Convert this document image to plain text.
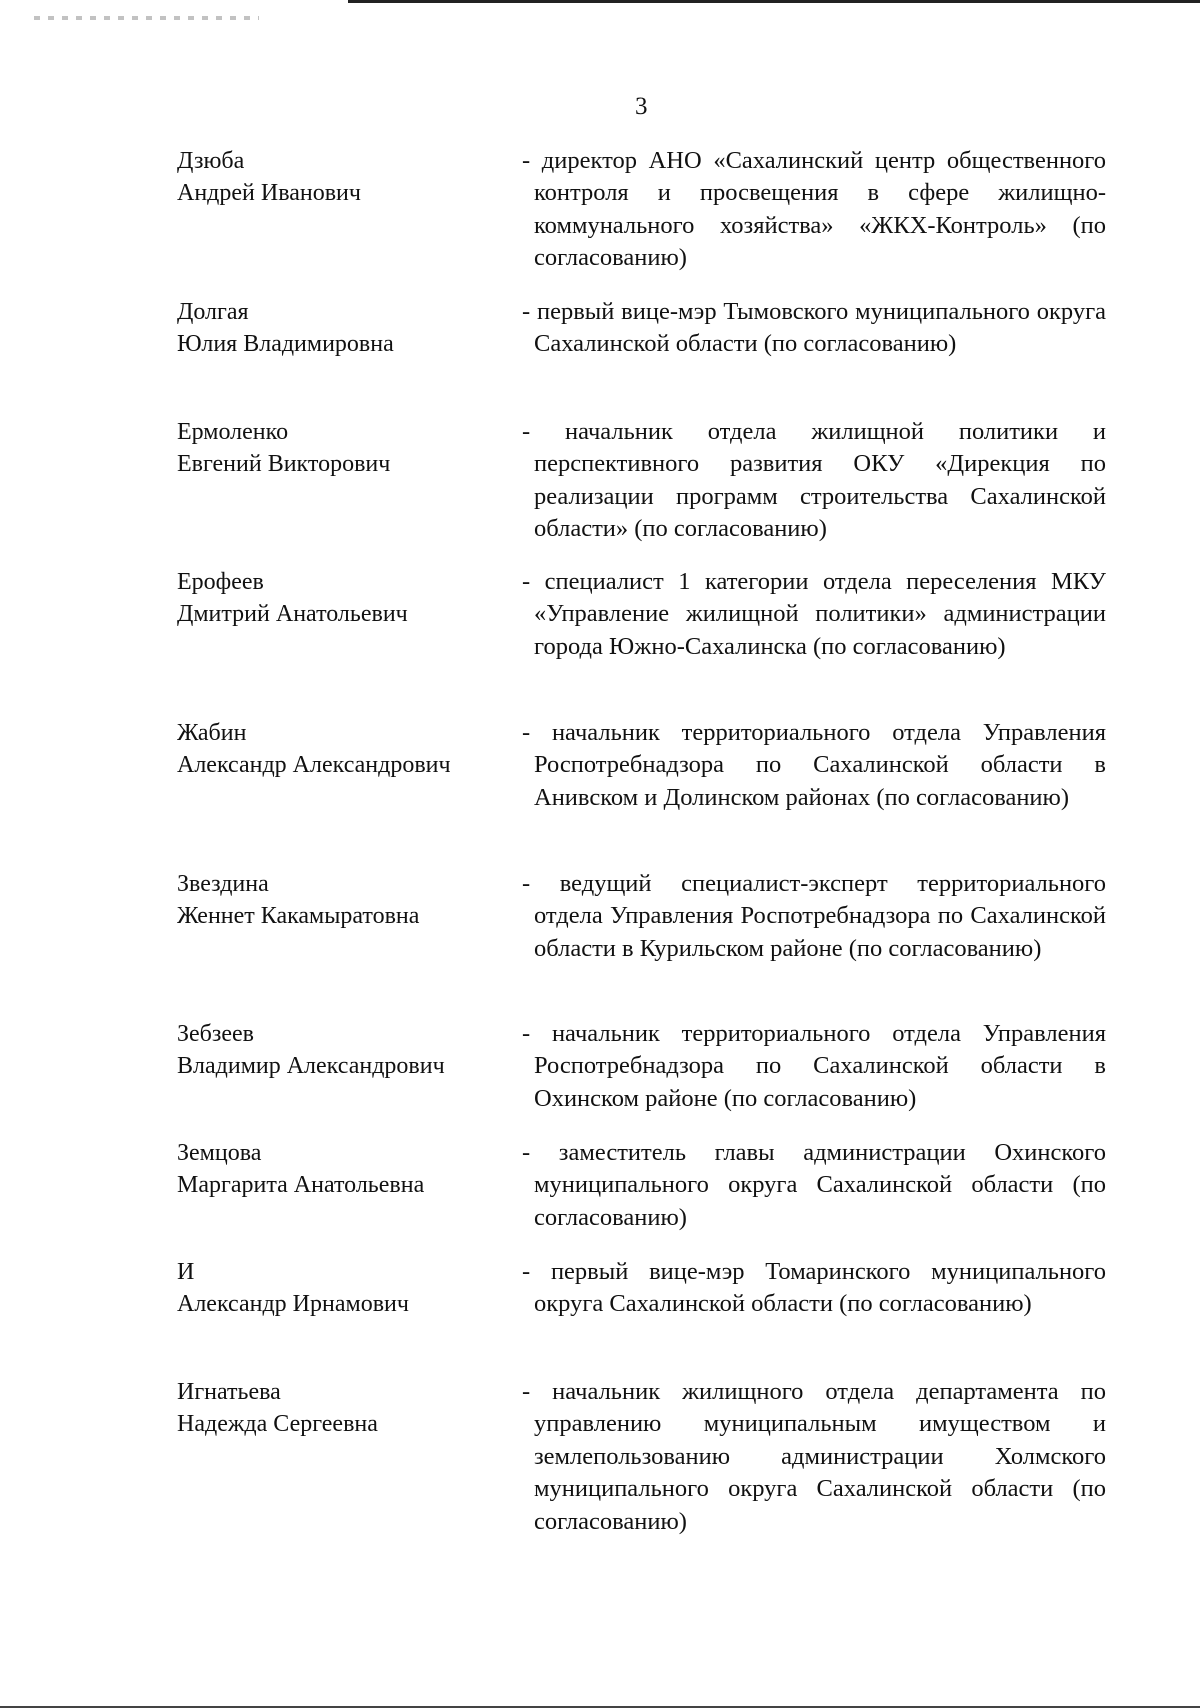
3
Дзюба
Андрей Иванович
- директор АНО «Сахалинский центр общественного контроля и просвещения в сфере жилищно-коммунального хозяйства» «ЖКХ-Контроль» (по согласованию)
Долгая
Юлия Владимировна
- первый вице-мэр Тымовского муниципального округа Сахалинской области (по согласованию)
Ермоленко
Евгений Викторович
- начальник отдела жилищной политики и перспективного развития ОКУ «Дирекция по реализации программ строительства Сахалинской области» (по согласованию)
Ерофеев
Дмитрий Анатольевич
- специалист 1 категории отдела переселения МКУ «Управление жилищной политики» администрации города Южно-Сахалинска (по согласованию)
Жабин
Александр Александрович
- начальник территориального отдела Управления Роспотребнадзора по Сахалинской области в Анивском и Долинском районах (по согласованию)
Звездина
Женнет Какамыратовна
- ведущий специалист-эксперт территориального отдела Управления Роспотребнадзора по Сахалинской области в Курильском районе (по согласованию)
Зебзеев
Владимир Александрович
- начальник территориального отдела Управления Роспотребнадзора по Сахалинской области в Охинском районе (по согласованию)
Земцова
Маргарита Анатольевна
- заместитель главы администрации Охинского муниципального округа Сахалинской области (по согласованию)
И
Александр Ирнамович
- первый вице-мэр Томаринского муниципального округа Сахалинской области (по согласованию)
Игнатьева
Надежда Сергеевна
- начальник жилищного отдела департамента по управлению муниципальным имуществом и землепользованию администрации Холмского муниципального округа Сахалинской области (по согласованию)
